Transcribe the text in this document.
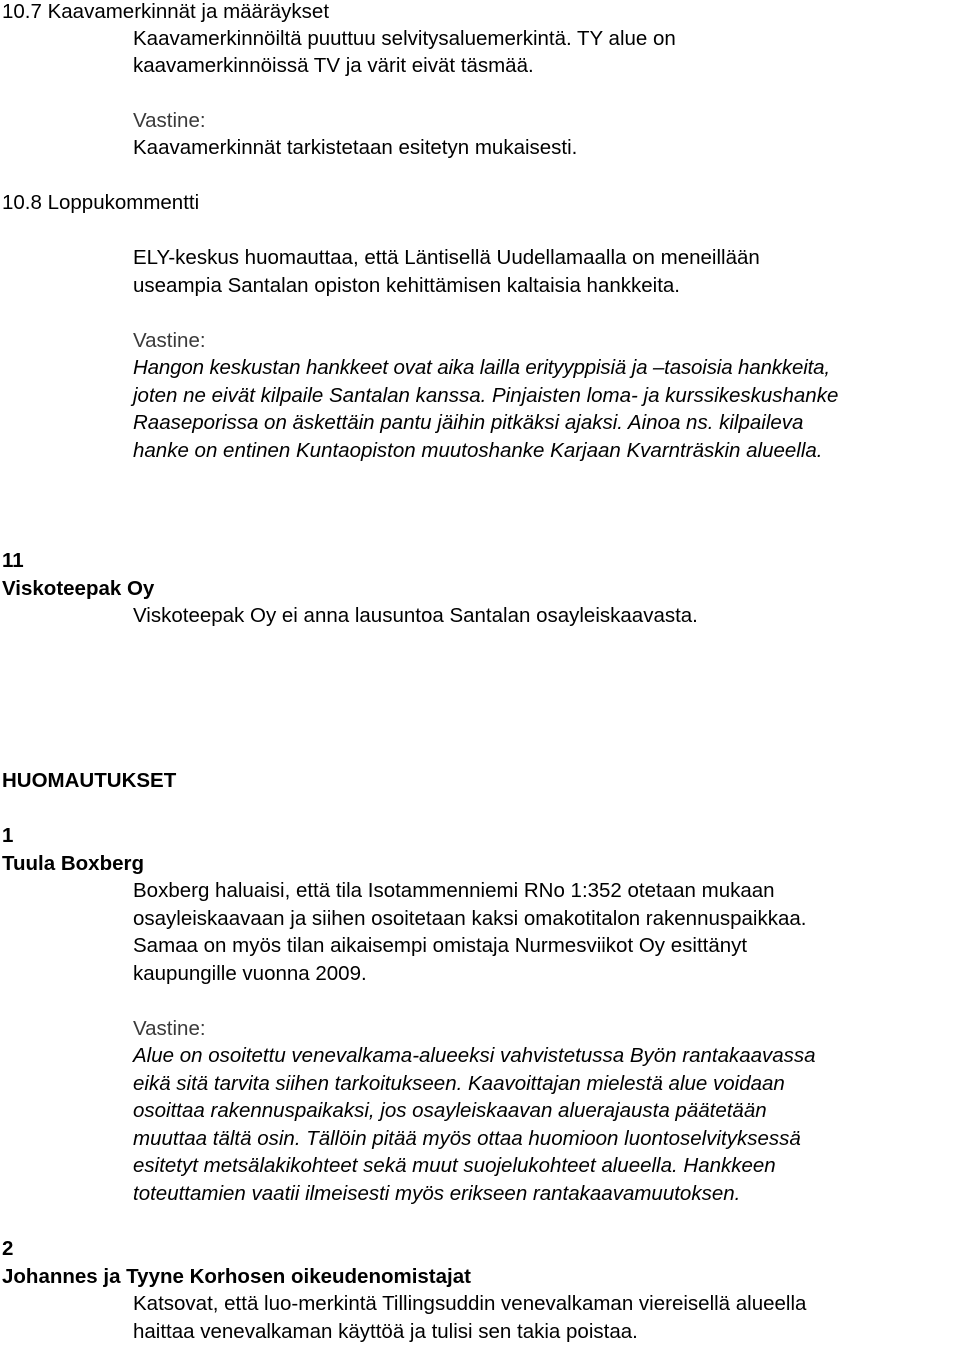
10.7 Kaavamerkinnät ja määräykset
Kaavamerkinnöiltä puuttuu selvitysaluemerkintä. TY alue on
kaavamerkinnöissä TV ja värit eivät täsmää.
Vastine:
Kaavamerkinnät tarkistetaan esitetyn mukaisesti.
10.8 Loppukommentti
ELY-keskus huomauttaa, että Läntisellä Uudellamaalla on meneillään
useampia Santalan opiston kehittämisen kaltaisia hankkeita.
Vastine:
Hangon keskustan hankkeet ovat aika lailla erityyppisiä ja –tasoisia hankkeita,
joten ne eivät kilpaile Santalan kanssa. Pinjaisten loma- ja kurssikeskushanke
Raaseporissa on äskettäin pantu jäihin pitkäksi ajaksi. Ainoa ns. kilpaileva
hanke on entinen Kuntaopiston muutoshanke Karjaan Kvarnträskin alueella.
11
Viskoteepak Oy
Viskoteepak Oy ei anna lausuntoa Santalan osayleiskaavasta.
HUOMAUTUKSET
1
Tuula Boxberg
Boxberg haluaisi, että tila Isotammenniemi RNo 1:352 otetaan mukaan
osayleiskaavaan ja siihen osoitetaan kaksi omakotitalon rakennuspaikkaa.
Samaa on myös tilan aikaisempi omistaja Nurmesviikot Oy esittänyt
kaupungille vuonna 2009.
Vastine:
Alue on osoitettu venevalkama-alueeksi vahvistetussa Byön rantakaavassa
eikä sitä tarvita siihen tarkoitukseen. Kaavoittajan mielestä alue voidaan
osoittaa rakennuspaikaksi, jos osayleiskaavan aluerajausta päätetään
muuttaa tältä osin. Tällöin pitää myös ottaa huomioon luontoselvityksessä
esitetyt metsälakikohteet sekä muut suojelukohteet alueella. Hankkeen
toteuttamien vaatii ilmeisesti myös erikseen rantakaavamuutoksen.
2
Johannes ja Tyyne Korhosen oikeudenomistajat
Katsovat, että luo-merkintä Tillingsuddin venevalkaman viereisellä alueella
haittaa venevalkaman käyttöä ja tulisi sen takia poistaa.
